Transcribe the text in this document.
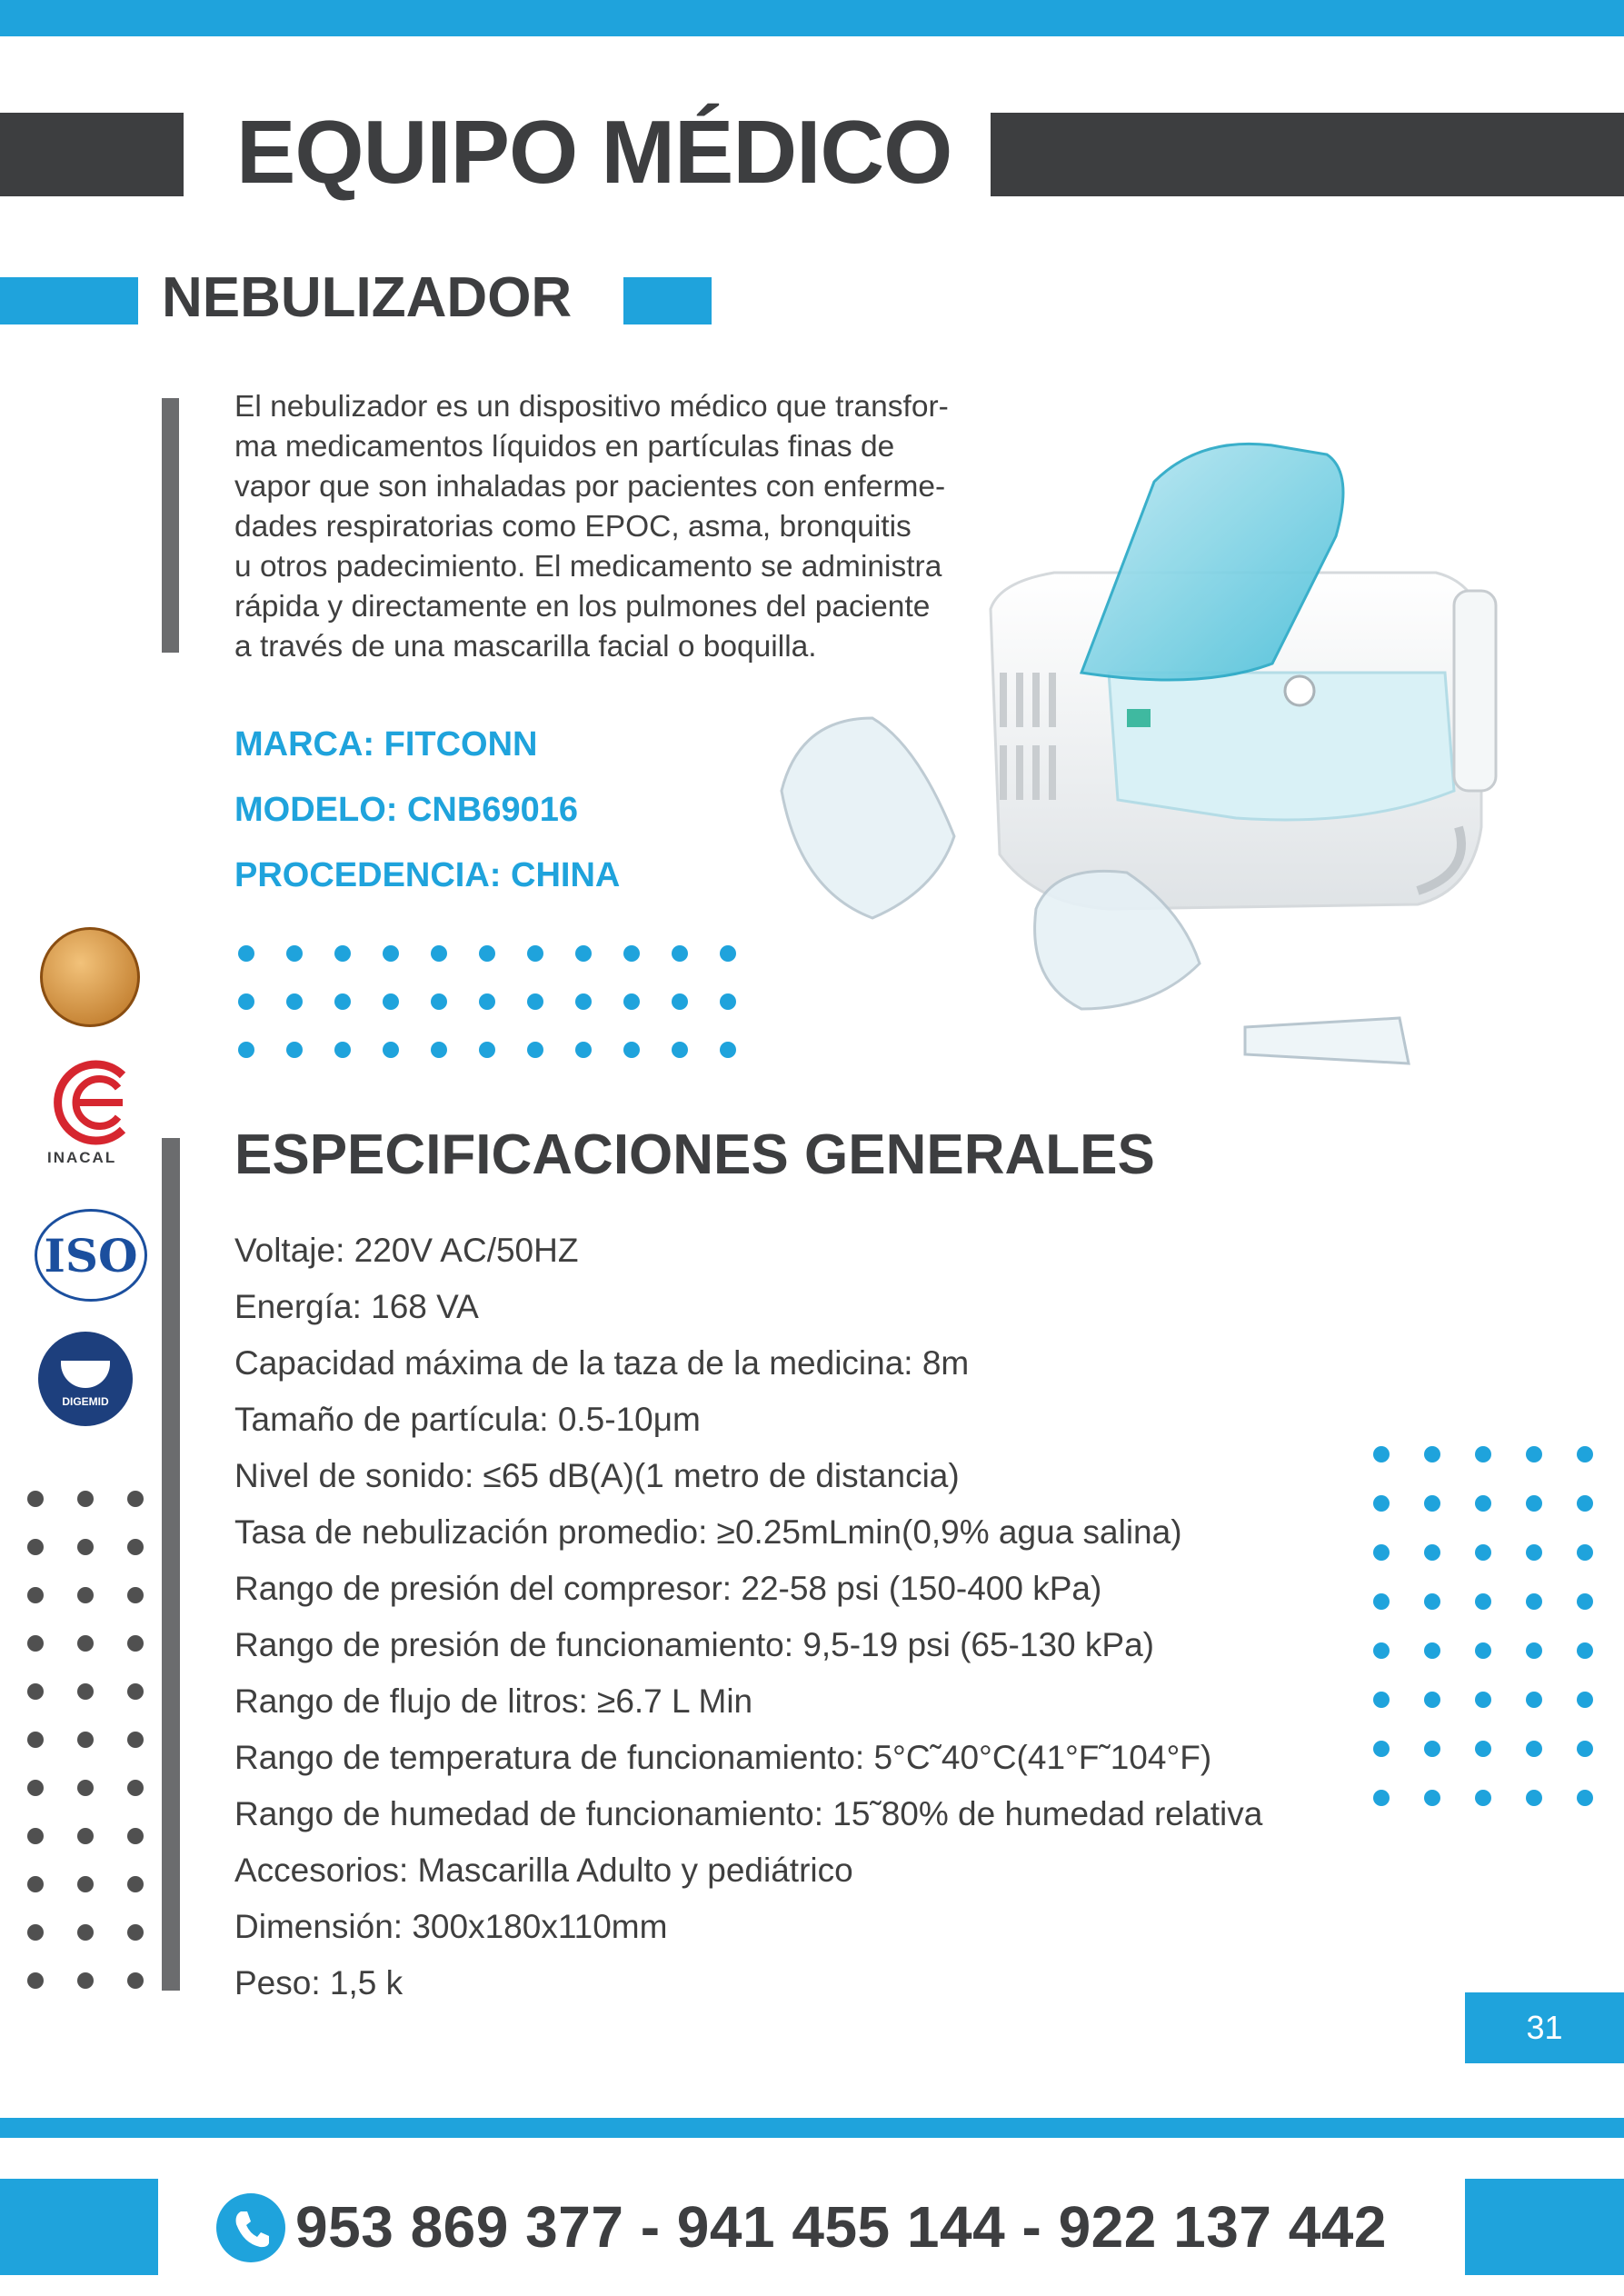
EQUIPO MÉDICO
NEBULIZADOR
El nebulizador es un dispositivo médico que transfor-
ma medicamentos líquidos en partículas finas de
vapor que son inhaladas por pacientes con enferme-
dades respiratorias como EPOC, asma, bronquitis
u otros padecimiento. El medicamento se administra
rápida y directamente en los pulmones del paciente
a través de una mascarilla facial o boquilla.
MARCA: FITCONN
MODELO: CNB69016
PROCEDENCIA: CHINA
INACAL
ISO
DIGEMID
ESPECIFICACIONES GENERALES
Voltaje: 220V AC/50HZ
Energía: 168 VA
Capacidad máxima de la taza de la medicina: 8m
Tamaño de partícula: 0.5-10μm
Nivel de sonido: ≤65 dB(A)(1 metro de distancia)
Tasa de nebulización promedio: ≥0.25mLmin(0,9% agua salina)
Rango de presión del compresor: 22-58 psi (150-400 kPa)
Rango de presión de funcionamiento: 9,5-19 psi (65-130 kPa)
Rango de flujo de litros: ≥6.7 L Min
Rango de temperatura de funcionamiento: 5°C˜40°C(41°F˜104°F)
Rango de humedad de funcionamiento: 15˜80% de humedad relativa
Accesorios: Mascarilla Adulto y pediátrico
Dimensión: 300x180x110mm
Peso: 1,5 k
31
953 869 377 - 941 455 144 - 922 137 442
